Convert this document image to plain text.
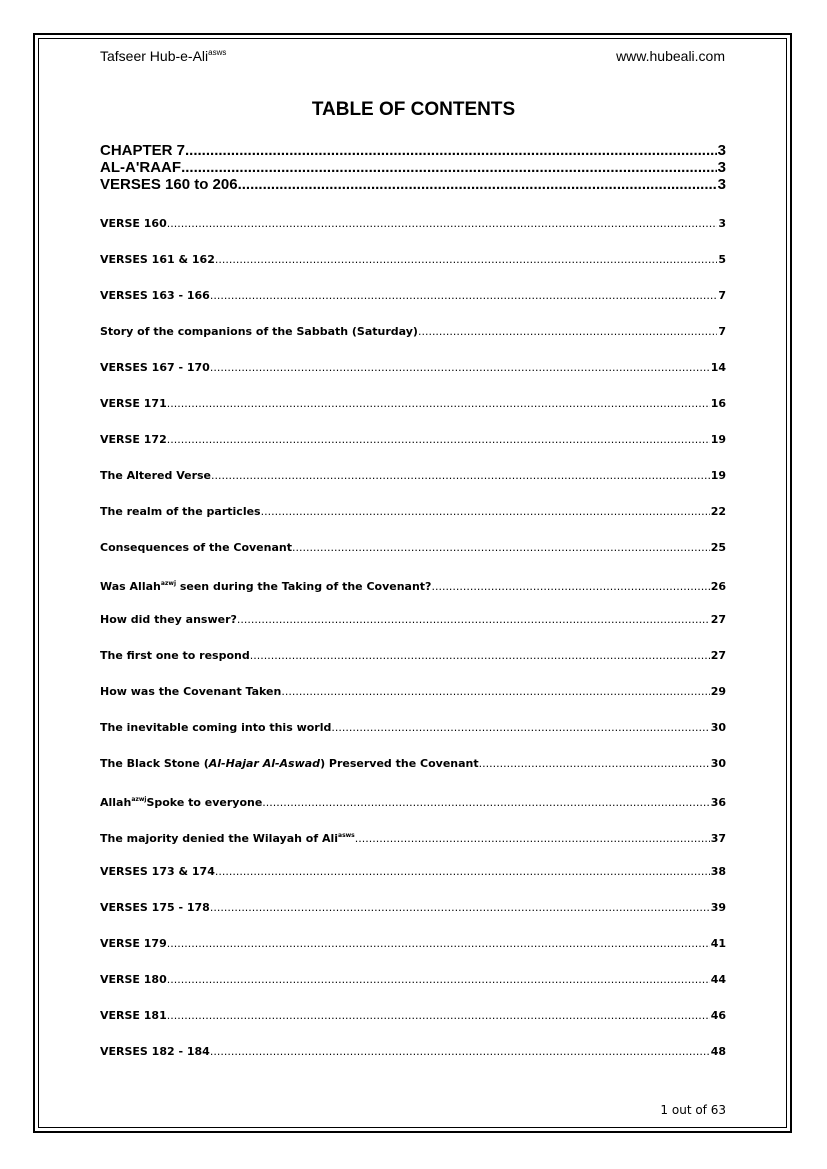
Tafseer Hub-e-Ali$^{asws}$	www.hubeali.com
TABLE OF CONTENTS
CHAPTER 7 .....	3
AL-A'RAAF .....	3
VERSES 160 to 206 .....	3
VERSE 160 .....	3
VERSES 161 & 162 .....	5
VERSES 163 - 166 .....	7
Story of the companions of the Sabbath (Saturday) .....	7
VERSES 167 - 170 .....	14
VERSE 171 .....	16
VERSE 172 .....	19
The Altered Verse .....	19
The realm of the particles .....	22
Consequences of the Covenant .....	25
Was Allah$^{azwj}$ seen during the Taking of the Covenant? .....	26
How did they answer? .....	27
The first one to respond .....	27
How was the Covenant Taken .....	29
The inevitable coming into this world .....	30
The Black Stone (Al-Hajar Al-Aswad) Preserved the Covenant .....	30
Allah$^{azwj}$Spoke to everyone .....	36
The majority denied the Wilayah of Ali$^{asws}$ .....	37
VERSES 173 & 174 .....	38
VERSES 175 - 178 .....	39
VERSE 179 .....	41
VERSE 180 .....	44
VERSE 181 .....	46
VERSES 182 - 184 .....	48
1 out of 63
